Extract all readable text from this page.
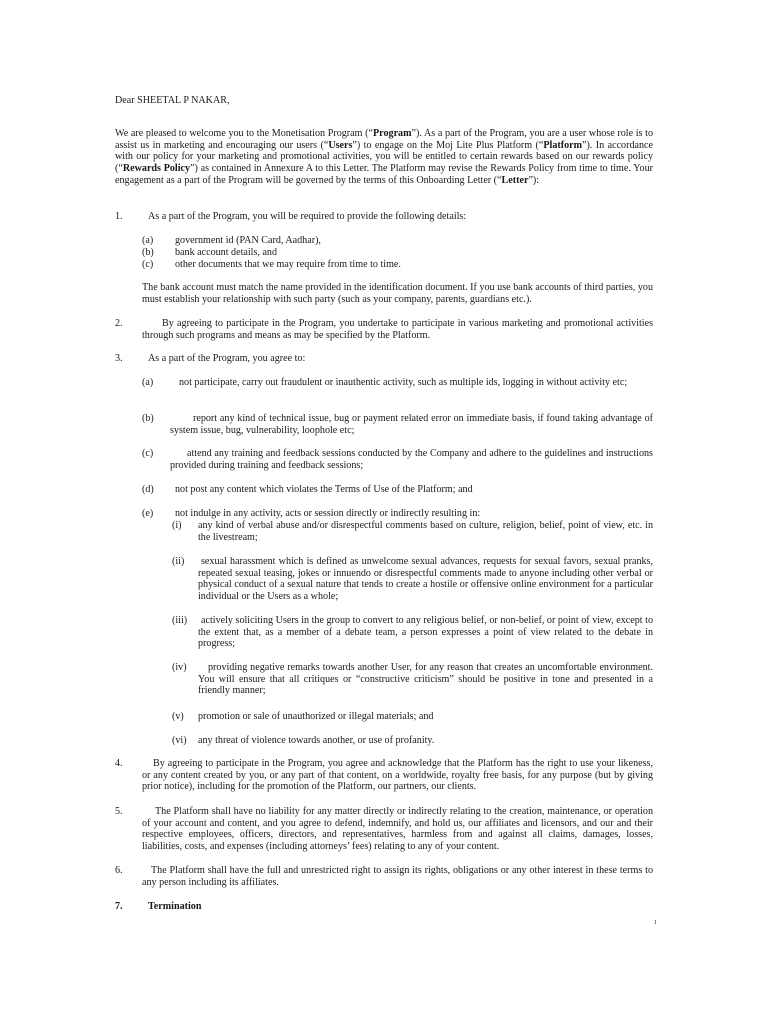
Dear SHEETAL P NAKAR,

We are pleased to welcome you to the Monetisation Program (“Program”). As a part of the Program, you are a user whose role is to assist us in marketing and encouraging our users (“Users”) to engage on the Moj Lite Plus Platform (“Platform”). In accordance with our policy for your marketing and promotional activities, you will be entitled to certain rewards based on our rewards policy (“Rewards Policy”) as contained in Annexure A to this Letter. The Platform may revise the Rewards Policy from time to time. Your engagement as a part of the Program will be governed by the terms of this Onboarding Letter (“Letter”):

1.	As a part of the Program, you will be required to provide the following details:
(a) government id (PAN Card, Aadhar),
(b) bank account details, and
(c) other documents that we may require from time to time.

The bank account must match the name provided in the identification document. If you use bank accounts of third parties, you must establish your relationship with such party (such as your company, parents, guardians etc.).

2.	By agreeing to participate in the Program, you undertake to participate in various marketing and promotional activities through such programs and means as may be specified by the Platform.

3.	As a part of the Program, you agree to:
(a)	not participate, carry out fraudulent or inauthentic activity, such as multiple ids, logging in without activity etc;

(b)	report any kind of technical issue, bug or payment related error on immediate basis, if found taking advantage of system issue, bug, vulnerability, loophole etc;

(c)	attend any training and feedback sessions conducted by the Company and adhere to the guidelines and instructions provided during training and feedback sessions;

(d) not post any content which violates the Terms of Use of the Platform; and
(e) not indulge in any activity, acts or session directly or indirectly resulting in:
(i) any kind of verbal abuse and/or disrespectful comments based on culture, religion, belief, point of view, etc. in the livestream;

(ii) sexual harassment which is defined as unwelcome sexual advances, requests for sexual favors, sexual pranks, repeated sexual teasing, jokes or innuendo or disrespectful comments made to anyone including other verbal or physical conduct of a sexual nature that tends to create a hostile or offensive online environment for a particular individual or the Users as a whole;

(iii) actively soliciting Users in the group to convert to any religious belief, or non-belief, or point of view, except to the extent that, as a member of a debate team, a person expresses a point of view related to the debate in progress;

(iv)	providing negative remarks towards another User, for any reason that creates an uncomfortable environment. You will ensure that all critiques or “constructive criticism” should be positive in tone and presented in a friendly manner;

(v) promotion or sale of unauthorized or illegal materials; and
(vi) any threat of violence towards another, or use of profanity.
4.	By agreeing to participate in the Program, you agree and acknowledge that the Platform has the right to use your likeness, or any content created by you, or any part of that content, on a worldwide, royalty free basis, for any purpose (but by giving prior notice), including for the promotion of the Platform, our partners, our clients.

5.	The Platform shall have no liability for any matter directly or indirectly relating to the creation, maintenance, or operation of your account and content, and you agree to defend, indemnify, and hold us, our affiliates and licensors, and our and their respective employees, officers, directors, and representatives, harmless from and against all claims, damages, losses, liabilities, costs, and expenses (including attorneys’ fees) relating to any of your content.

6.	The Platform shall have the full and unrestricted right to assign its rights, obligations or any other interest in these terms to any person including its affiliates.

7.	Termination
1
